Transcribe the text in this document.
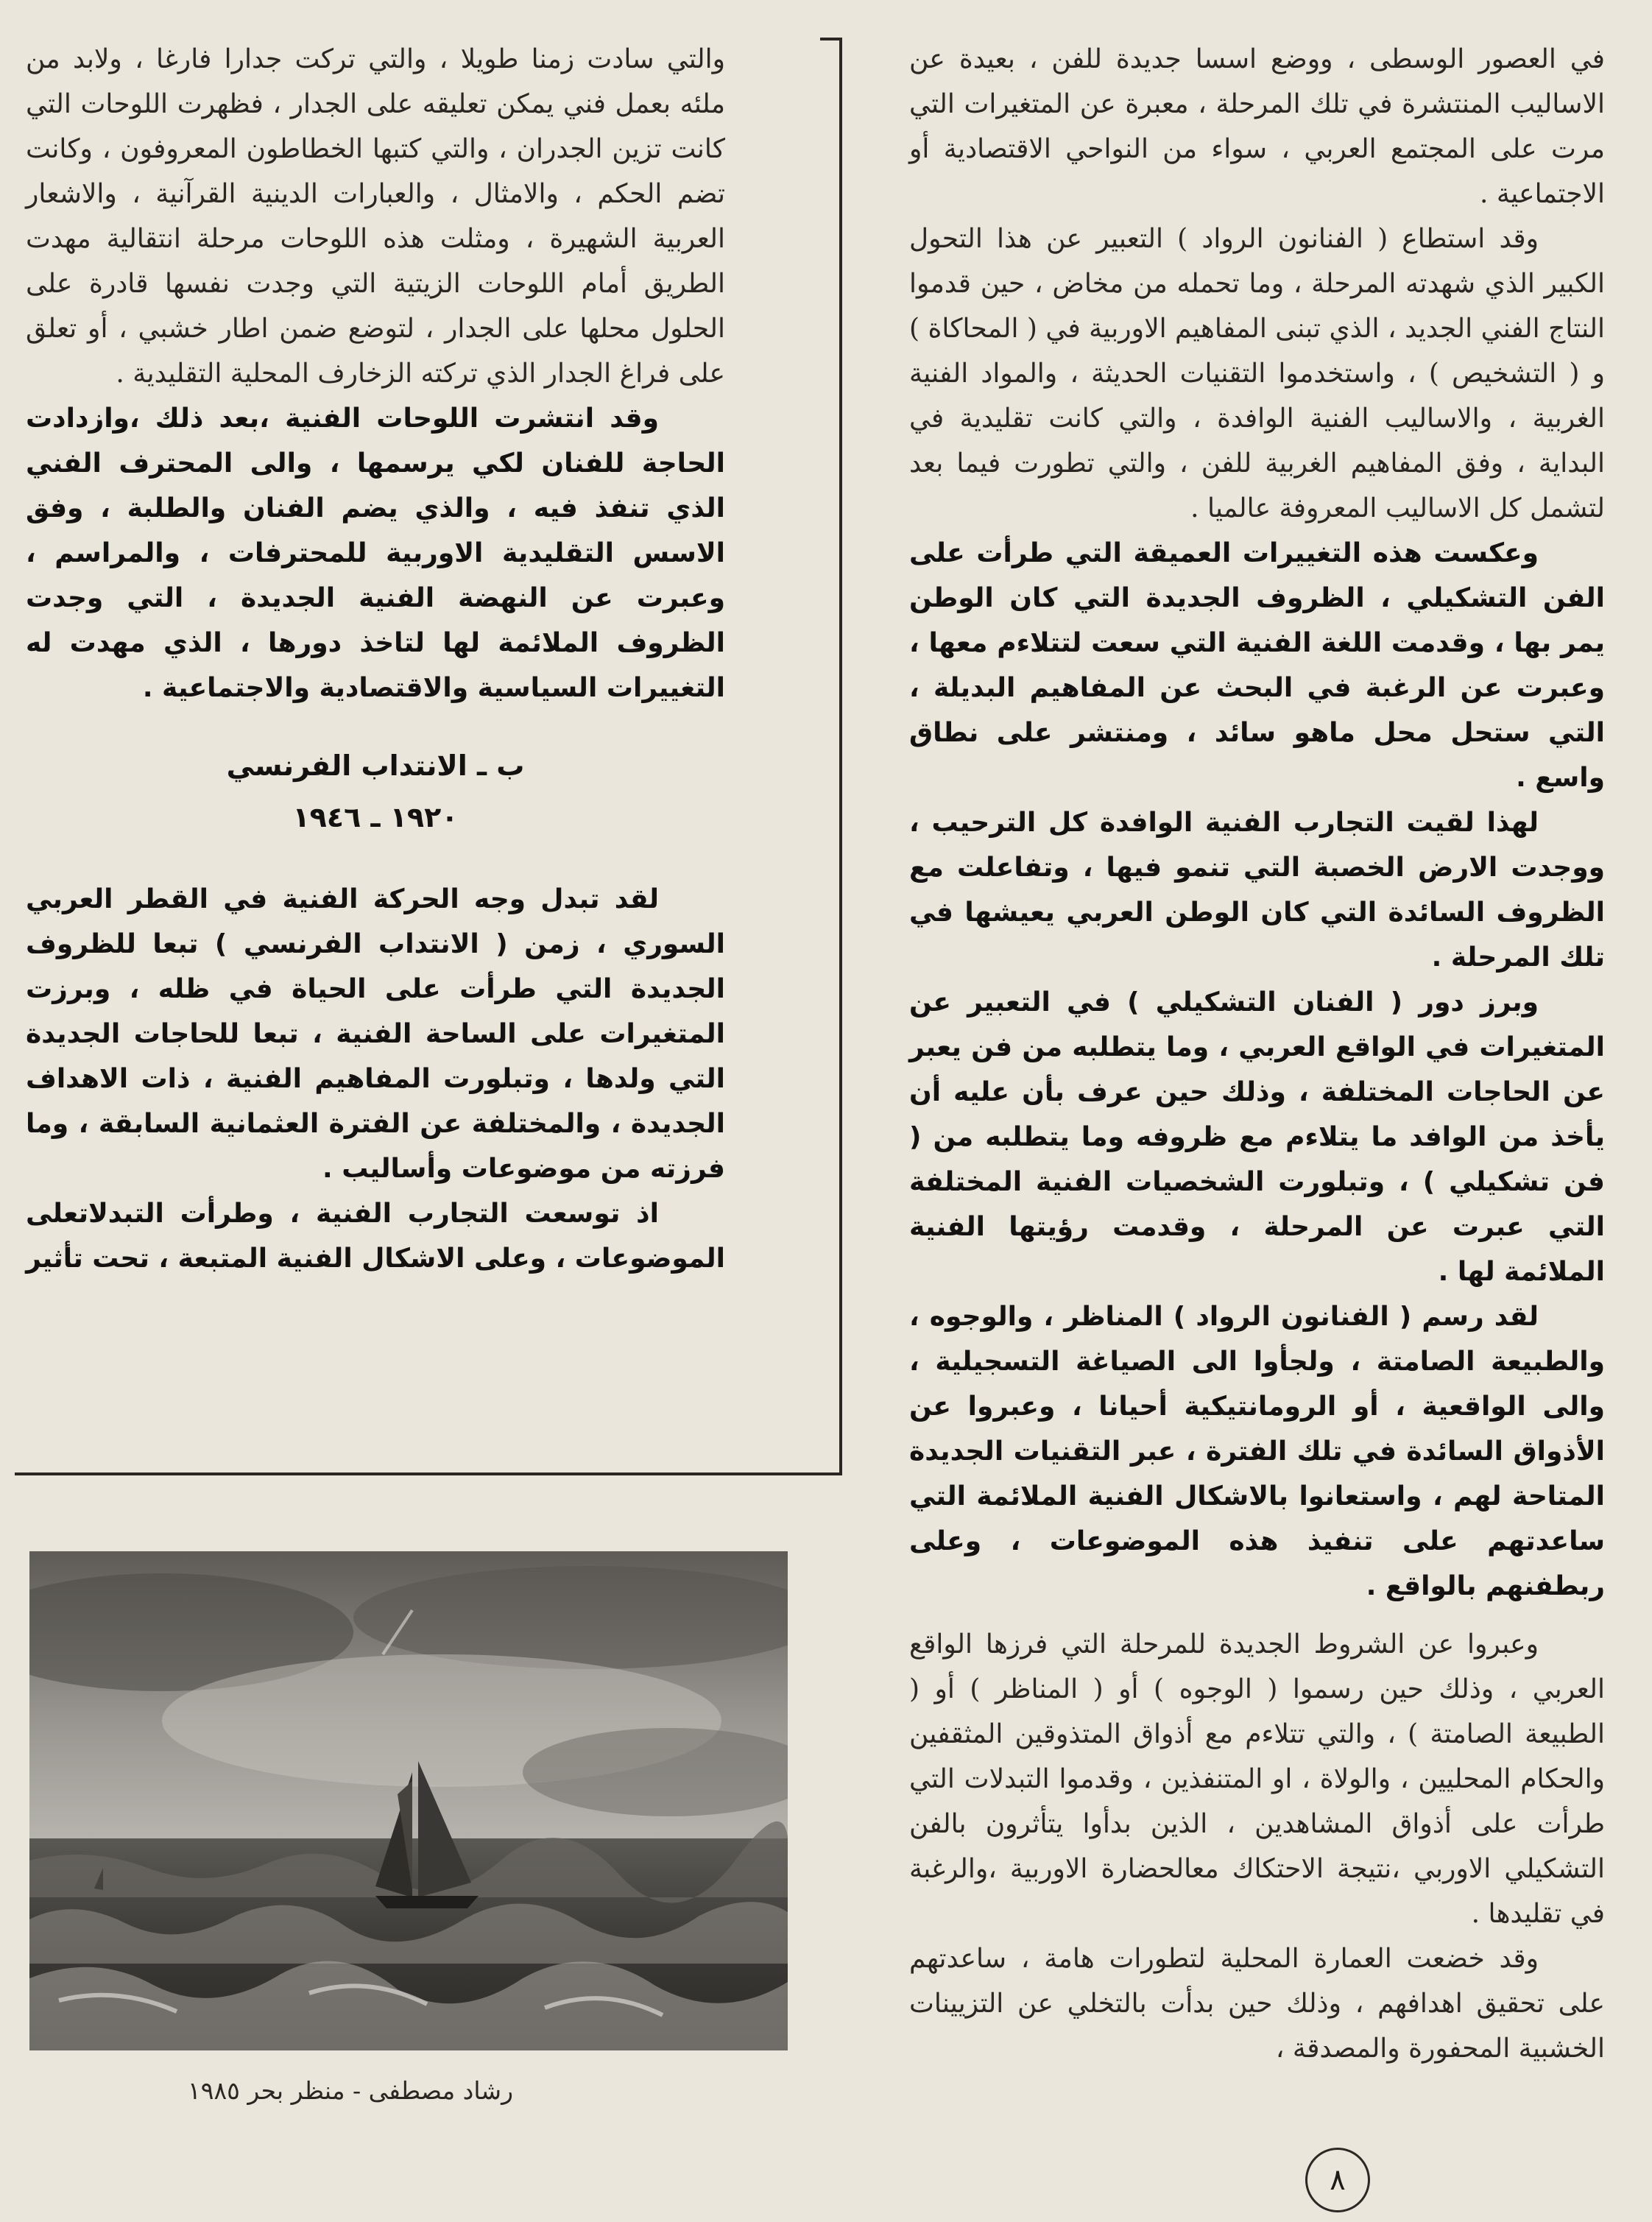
في العصور الوسطى ، ووضع اسسا جديدة للفن ، بعيدة عن الاساليب المنتشرة في تلك المرحلة ، معبرة عن المتغيرات التي مرت على المجتمع العربي ، سواء من النواحي الاقتصادية أو الاجتماعية .

وقد استطاع ( الفنانون الرواد ) التعبير عن هذا التحول الكبير الذي شهدته المرحلة ، وما تحمله من مخاض ، حين قدموا النتاج الفني الجديد ، الذي تبنى المفاهيم الاوربية في ( المحاكاة ) و ( التشخيص ) ، واستخدموا التقنيات الحديثة ، والمواد الفنية الغربية ، والاساليب الفنية الوافدة ، والتي كانت تقليدية في البداية ، وفق المفاهيم الغربية للفن ، والتي تطورت فيما بعد لتشمل كل الاساليب المعروفة عالميا .

وعكست هذه التغييرات العميقة التي طرأت على الفن التشكيلي ، الظروف الجديدة التي كان الوطن يمر بها ، وقدمت اللغة الفنية التي سعت لتتلاءم معها ، وعبرت عن الرغبة في البحث عن المفاهيم البديلة ، التي ستحل محل ماهو سائد ، ومنتشر على نطاق واسع .

لهذا لقيت التجارب الفنية الوافدة كل الترحيب ، ووجدت الارض الخصبة التي تنمو فيها ، وتفاعلت مع الظروف السائدة التي كان الوطن العربي يعيشها في تلك المرحلة .

وبرز دور ( الفنان التشكيلي ) في التعبير عن المتغيرات في الواقع العربي ، وما يتطلبه من فن يعبر عن الحاجات المختلفة ، وذلك حين عرف بأن عليه أن يأخذ من الوافد ما يتلاءم مع ظروفه وما يتطلبه من ( فن تشكيلي ) ، وتبلورت الشخصيات الفنية المختلفة التي عبرت عن المرحلة ، وقدمت رؤيتها الفنية الملائمة لها .

لقد رسم ( الفنانون الرواد ) المناظر ، والوجوه ، والطبيعة الصامتة ، ولجأوا الى الصياغة التسجيلية ، والى الواقعية ، أو الرومانتيكية أحيانا ، وعبروا عن الأذواق السائدة في تلك الفترة ، عبر التقنيات الجديدة المتاحة لهم ، واستعانوا بالاشكال الفنية الملائمة التي ساعدتهم على تنفيذ هذه الموضوعات ، وعلى ربطفنهم بالواقع .

وعبروا عن الشروط الجديدة للمرحلة التي فرزها الواقع العربي ، وذلك حين رسموا ( الوجوه ) أو ( المناظر ) أو ( الطبيعة الصامتة ) ، والتي تتلاءم مع أذواق المتذوقين المثقفين والحكام المحليين ، والولاة ، او المتنفذين ، وقدموا التبدلات التي طرأت على أذواق المشاهدين ، الذين بدأوا يتأثرون بالفن التشكيلي الاوربي ،نتيجة الاحتكاك معالحضارة الاوربية ،والرغبة في تقليدها .

وقد خضعت العمارة المحلية لتطورات هامة ، ساعدتهم على تحقيق اهدافهم ، وذلك حين بدأت بالتخلي عن التزيينات الخشبية المحفورة والمصدقة ،

والتي سادت زمنا طويلا ، والتي تركت جدارا فارغا ، ولابد من ملئه بعمل فني يمكن تعليقه على الجدار ، فظهرت اللوحات التي كانت تزين الجدران ، والتي كتبها الخطاطون المعروفون ، وكانت تضم الحكم ، والامثال ، والعبارات الدينية القرآنية ، والاشعار العربية الشهيرة ، ومثلت هذه اللوحات مرحلة انتقالية مهدت الطريق أمام اللوحات الزيتية التي وجدت نفسها قادرة على الحلول محلها على الجدار ، لتوضع ضمن اطار خشبي ، أو تعلق على فراغ الجدار الذي تركته الزخارف المحلية التقليدية .

وقد انتشرت اللوحات الفنية ،بعد ذلك ،وازدادت الحاجة للفنان لكي يرسمها ، والى المحترف الفني الذي تنفذ فيه ، والذي يضم الفنان والطلبة ، وفق الاسس التقليدية الاوربية للمحترفات ، والمراسم ، وعبرت عن النهضة الفنية الجديدة ، التي وجدت الظروف الملائمة لها لتاخذ دورها ، الذي مهدت له التغييرات السياسية والاقتصادية والاجتماعية .

ب ـ الانتداب الفرنسي

١٩٢٠ ـ ١٩٤٦

لقد تبدل وجه الحركة الفنية في القطر العربي السوري ، زمن ( الانتداب الفرنسي ) تبعا للظروف الجديدة التي طرأت على الحياة في ظله ، وبرزت المتغيرات على الساحة الفنية ، تبعا للحاجات الجديدة التي ولدها ، وتبلورت المفاهيم الفنية ، ذات الاهداف الجديدة ، والمختلفة عن الفترة العثمانية السابقة ، وما فرزته من موضوعات وأساليب .

اذ توسعت التجارب الفنية ، وطرأت التبدلاتعلى الموضوعات ، وعلى الاشكال الفنية المتبعة ، تحت تأثير

رشاد مصطفى - منظر بحر ١٩٨٥
٨
